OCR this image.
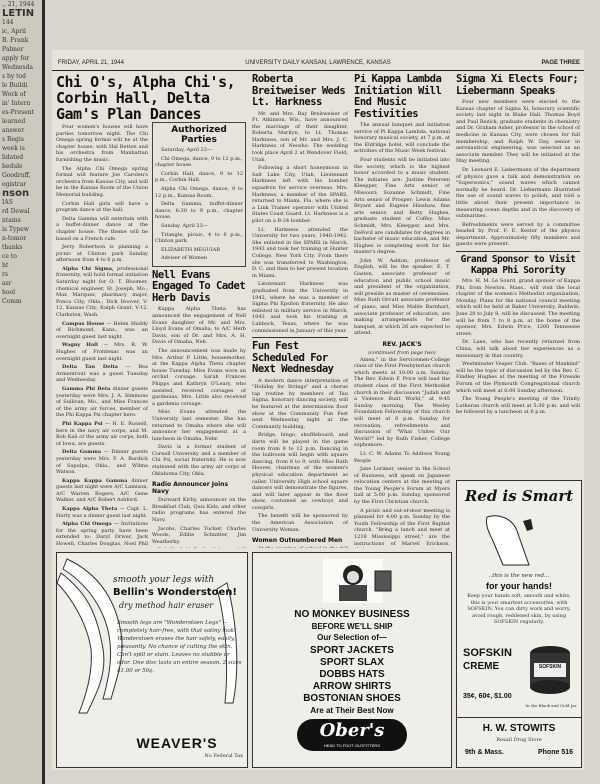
., 21, 1944
LETIN
144
ic, April
B. Frank
Palmer
apply for
Wednesda
s by tod
le Buildi
Work of
in' Intern
es-Present
learned
answer
s Regis
week is
lidated
hedule
Goodruff,
egistrar
nson
IAS
rd Dewal
ntains
is Typew
n-tomor
thanks
ce to
ht
rs
asr
hool
Comm
FRIDAY, APRIL 21, 1944	UNIVERSITY DAILY KANSAN, LAWRENCE, KANSAS	PAGE THREE
Chi O's, Alpha Chi's, Corbin Hall, Delta Gam's Plan Dances

Four women's houses will have parties tomorrow night. The Chi Omega spring formal will be at the chapter house, with Hal Betton and his orchestra from Manhattan furnishing the music.

The Alpha Chi Omega spring formal will feature Joe Carolen's orchestra from Kansas City, and will be in the Kansas Room of the Union Memorial building.

Corbin Hall girls will have a program dance at the hall.

Delta Gamma will entertain with a buffet-dinner dance at the chapter house. The theme will be based on a French cafe.

Jerry Robertson is planning a picnic at Clinton park Sunday afternoon from 4 to 6 p.m.

Alpha Chi Sigma, professional fraternity, will hold formal initiation Saturday night for O. T. Bloomer, chemical engineer, St. Joseph, Mo.; Max Marquez, pharmacy major, Ponca City, Okla.; Dick Hoover, V-12, Kansas City; Ralph Grant, V-12, Clarkston, Wash.

Campus House — Helen Shiddy of Richmond, Kans., was an overnight guest last night.

Wagny Hall — Mrs. R. W. Hughes of Frontenac was an overnight guest last night.

Delta Tau Delta — Bea Armentrout was a guest Tuesday and Wednesday.

Gamma Phi Beta dinner guests yesterday were Mrs. J. A. Simmons of Sullivan, Mo., and Miss Frances of the army air forces, member of the Phi Kappa Psi chapter here.

Phi Kappa Psi — H. E. Russell, here in the navy air corps, and M. Bob Kali of the army air corps, both of Iowa, are guests.

Delta Gamma — Dinner guests yesterday were Mrs. F. A. Burdick of Sapulpa, Okla., and Wilma Watson.

Kappa Kappa Gamma dinner guests last night were A/C Lamison, A/C Warren Rogers, A/C Gene Walker, and A/C Robert Ashford.

Kappa Alpha Theta — Capt. L. Harty was a dinner guest last night.

Alpha Chi Omega — Invitations for the spring party have been extended to: Daryl Driver, Jack Howell, Charles Douglas, Noel Phil

Authorized Parties

Saturday, April 22—

Chi Omega, dance, 9 to 12 p.m., chapter house.

Corbin Hall, dance, 9 to 12 p.m., Corbin Hall.

Alpha Chi Omega, dance, 9 to 12 p.m., Kansas Room.

Delta Gamma, buffet-dinner dance, 6:30 to 9 p.m., chapter house.

Sunday, April 23—

Triangle, picnic, 4 to 6 p.m., Clinton park.

ELIZABETH MEGUIAR

Adviser of Women

Nell Evans Engaged To Cadet Herb Davis

Kappa Alpha Theta has announced the engagement of Nell Evans daughter of Mr. and Mrs. Lloyd Evans of Omaha, to A/C Herb Davis, son of Dr. and Mrs. A. H. Davis of Omaha, Neb.

The announcement was made by Mrs. Arthur P. Little, housemother, at the Kappa Alpha Theta chapter house Tuesday. Miss Evans wore an orchid corsage. Sarah Frances Phipps and Kathryn O'Leary, who assisted, received corsages of gardenias. Mrs. Little also received a gardenia corsage.

Miss Evans attended the University last semester. She has returned to Omaha where she will announce her engagement at a luncheon in Omaha, Nebr.

Davis is a former student of Cornell University and a member of Chi Psi, social fraternity. He is now stationed with the army air corps at Oklahoma City, Okla.

Radio Announcer Joins Navy

Durward Kirby, announcer on the Breakfast Club, Quiz Kids, and other radio programs has entered the Navy.

Jacobs, Charles Tucker, Charles Woods, Eddie Schnitter, Jim Weatherby.

Roberta Breitweiser Weds Lt. Harkness

Mr. and Mrs. Ray Breitweiser of Ft. Atkinson, Wis., have announced the marriage of their daughter, Roberta Marilyn, to Lt. Thomas Harkness, son of Mr. and Mrs. J. C. Harkness of Neosho. The wedding took place April 2 at Wendover Field, Utah.

Following a short honeymoon in Salt Lake City, Utah, Lieutenant Harkness left with his bomber squadron for service overseas. Mrs. Harkness, a member of the SPARS, returned to Miami, Fla. where she is a Link Trainer operator with United States Coast Guard. Lt. Harkness is a pilot on a B-24 bomber.

Lt. Harkness attended the University for two years, 1940-1942. She enlisted in the SPARS in March, 1943 and took her training at Hunter College, New York City. From there she was transferred to Washington, D. C. and then to her present location in Miami.

Lieutenant Harkness was graduated from the University in 1942, where he was a member of Sigma Phi Epsilon fraternity. He also enlisted in military service in March, 1943 and took his training at Lubbock, Texas, where he was commissioned in January of this year.

Fun Fest Scheduled For Next Wednesday

A modern dance interpretation of "Holiday for Strings" and a chorus tap routine by members of Tau Sigma, honorary dancing society, will be featured at the intermission floor show at the Community Fun Fest next Wednesday night at the Community building.

Bridge, bingo, shuffleboard, and darts will be played in the game room from 8 to 12 p.m. Dancing in the ballroom will begin with square dancing, from 8 to 9, with Miss Ruth Hoover, chairman of the women's physical education department as caller. University High school square dancers will demonstrate the figures, and will later appear in the floor show, costumed as cowboys and cowgirls.

The benefit will be sponsored by the American Association of University Women.

Women Outnumbered Men

Pi Kappa Lambda Initiation Will End Music Festivities

The annual banquet and initiation service of Pi Kappa Lambda, national honorary musical society, at 7 p.m. at the Eldridge hotel, will conclude the activities of the Music Week festival.

Four students will be initiated into the society, which is the highest honor accorded to a music student. The initiates are: Justine Petersen Kleeppsr, Fine Arts senior of Missouri; Suzanne Schmidt, Fine Arts senior of Prosper; Lewis Adams Bryant and Eugene Hinshaw, fine arts senior; and Betty Hughes, graduate student of Coffey. Miss Schmidt, Mrs. Kleeppsr, and Mrs. DeFord are candidates for degrees in bachelor of music education, and Mr. Hughes is completing work for his master's degree.

John W. Ashton, professor of English, will be the speaker. E. T. Gaston, associate professor of education and public school music and president of the organization, will preside as master of ceremonies. Miss Ruth Orcutt associate professor of piano, and Miss Mable Barnhart, associate professor of education, are making arrangements for the banquet, at which 26 are expected to attend.

REV. JACK'S
(continued from page two)

Amen," in the Servicemen-College class of the First Presbyterian church which meets at 10:00 a.m. Sunday. The Rev. Edwin F. Price will lead the student class of the First Methodist church in their discussion "Judah and a Violence Bunt World," at 9:45 Sunday morning. The Wesley Foundation Fellowship of this church will meet at 6 p.m. Sunday for recreation, refreshments and discussion of "What Unites Our World?" led by Ruth Fisher, College sophomore.

Lt. C. W. Adams To Address Young People

Jane Lorimer, senior in the School of Business, will speak on Japanese relocation centers at the meeting of the Young People's Forum at Myers hall at 5:00 p.m. Sunday, sponsored by the First Christian church.

A picnic and out-of-door meeting is planned for 4:00 p.m. Sunday by the Youth Fellowship of the First Baptist church. "Bring a lunch and meet at 1218 Mississippi street," are the instructions of Marvel Erickson,

Sigma Xi Elects Four; Liebermann Speaks

Four new members were elected to the Kansas chapter of Sigma Xi, honorary scientific society last night in Blake Hall. Thomas Boyd and Paul Rezick, graduate students in chemistry and Dr. Graham Asher, professor in the school of medicine in Kansas City, were chosen for full membership, and Ralph W. Day, senior in aeronautical engineering, was selected as an associate member. They will be initiated at the May meeting.

Dr. Leonard E. Liebermann of the department of physics gave a talk and demonstration on "Supersonics," sound waves which cannot normally be heard. Dr. Liebermann illustrated the use of sound waves to polish, and told a little about their present importance in measuring ocean depths and in the discovery of submarines.

Refreshments were served by a committee headed by Prof. F. E. Kester of the physics department. Approximately fifty members and guests were present.

Grand Sponsor to Visit Kappa Phi Sorority

Mrs. H. M. Le Sourd, grand sponsor of Kappa Phi, from Newton, Mass., will visit the local chapter of the women's Methodist organization, Monday. Plans for the national council meeting which will be held at Baker University, Baldwin, June 20 to July 8, will be discussed. The meeting will be from 7 to 8 p.m. at the home of the sponsor, Mrs. Edwin Price, 1200 Tennessee street.

Dr. Lane, who has recently returned from China, will talk about her experiences as a missionary in that country.

Westminster Vesper Club. "Bases of Mankind" will be the topic of discussion led by the Rev. C. Findley Hughes at the meeting of the Fireside Forum of the Plymouth Congregational church which will meet at 6:00 Sunday afternoon.

The Young People's meeting of the Trinity Lutheran church will meet at 5:30 p.m. and will be followed by a luncheon at 6 p.m.

smooth your legs with
Bellin's Wonderstoen!
dry method hair eraser
Smooth legs are "Wonderstoen Legs" — completely hair-free, with that satiny look! Wonderstoen erases the hair safely, easily, pleasantly. No chance of cutting the skin. Can't spill or stain. Leaves no stubble or odor. One disc lasts an entire season. 2 sizes $1.00 or 50¢.
WEAVER'S
No Federal Tax
NO MONKEY BUSINESS
BEFORE WE'LL SHIP
Our Selection of—
SPORT JACKETS
SPORT SLAX
DOBBS HATS
ARROW SHIRTS
BOSTONIAN SHOES
Are at Their Best Now
Ober's
HEAD TO FOOT OUTFITTERS
Red is Smart
..this is the new red...
for your hands!
Keep your hands soft, smooth and white, this is your smartest accessories, with SOFSKIN. You can dirty work and worry, avoid rough, reddened skin, by using SOFSKIN regularly.
SOFSKIN
CREME
35¢, 60¢, $1.00
SOFSKIN
In the Black and Gold Jar
H. W. STOWITS
Rexall Drug Store
9th & Mass.	Phone 516
